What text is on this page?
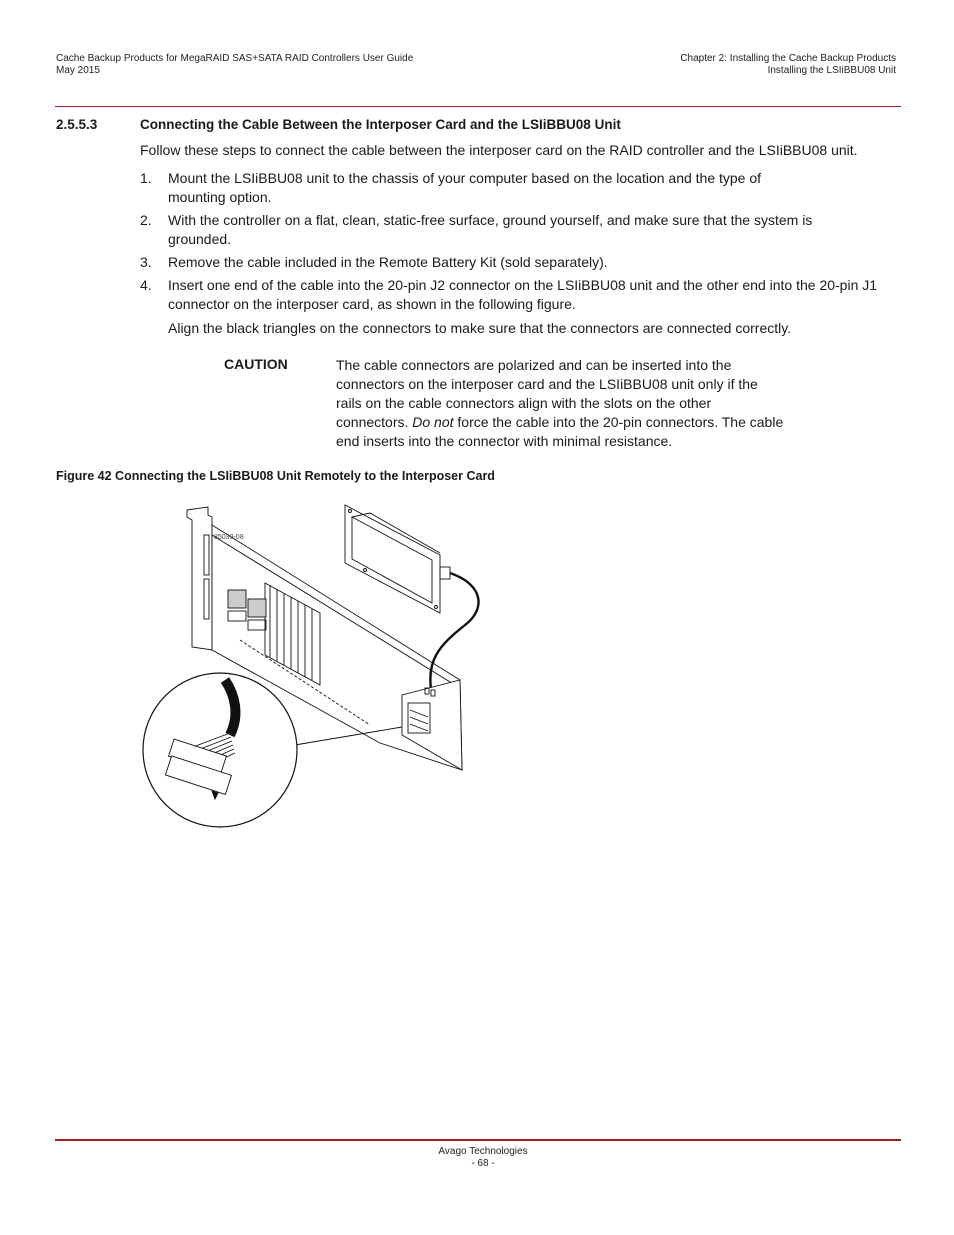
Cache Backup Products for MegaRAID SAS+SATA RAID Controllers User Guide
May 2015
Chapter 2: Installing the Cache Backup Products
Installing the LSIiBBU08 Unit
2.5.5.3	Connecting the Cable Between the Interposer Card and the LSIiBBU08 Unit
Follow these steps to connect the cable between the interposer card on the RAID controller and the LSIiBBU08 unit.
1. Mount the LSIiBBU08 unit to the chassis of your computer based on the location and the type of mounting option.
2. With the controller on a flat, clean, static-free surface, ground yourself, and make sure that the system is grounded.
3. Remove the cable included in the Remote Battery Kit (sold separately).
4. Insert one end of the cable into the 20-pin J2 connector on the LSIiBBU08 unit and the other end into the 20-pin J1 connector on the interposer card, as shown in the following figure.
Align the black triangles on the connectors to make sure that the connectors are connected correctly.
CAUTION	The cable connectors are polarized and can be inserted into the connectors on the interposer card and the LSIiBBU08 unit only if the rails on the cable connectors align with the slots on the other connectors. Do not force the cable into the 20-pin connectors. The cable end inserts into the connector with minimal resistance.
Figure 42 Connecting the LSIiBBU08 Unit Remotely to the Interposer Card
85039-08
Avago Technologies
- 68 -
